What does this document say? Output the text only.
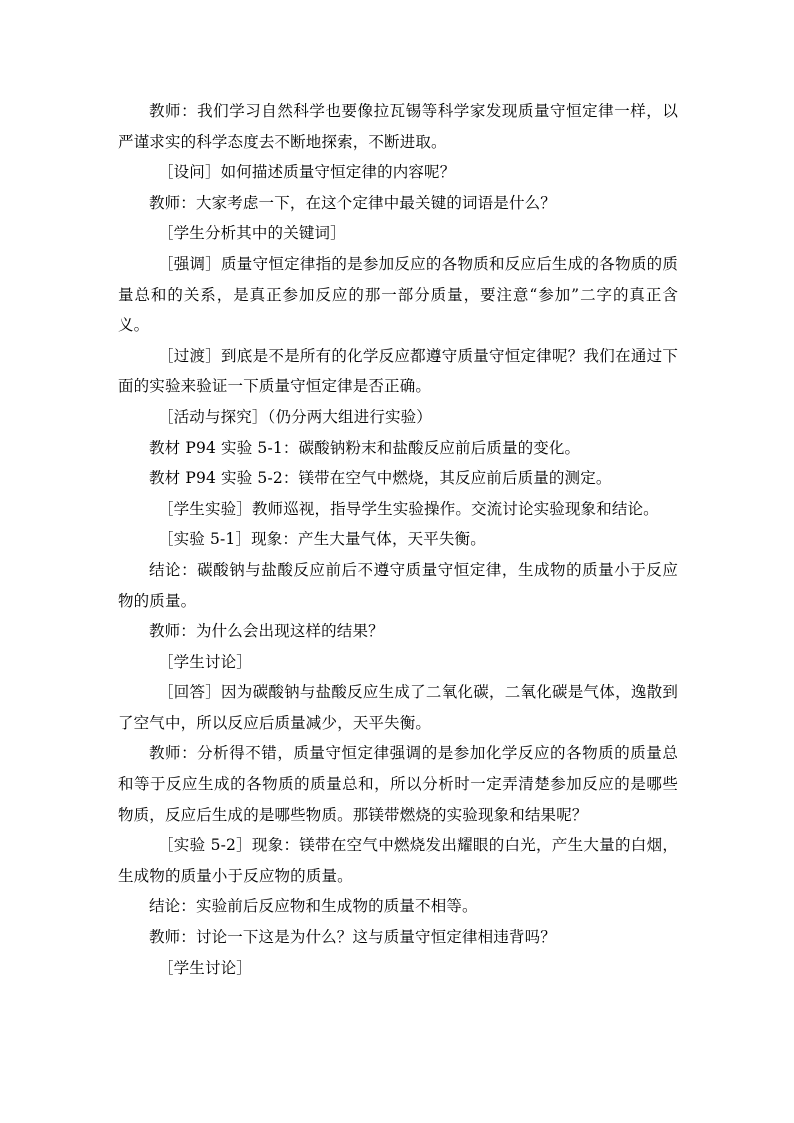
教师：我们学习自然科学也要像拉瓦锡等科学家发现质量守恒定律一样，以严谨求实的科学态度去不断地探索，不断进取。

［设问］如何描述质量守恒定律的内容呢？

教师：大家考虑一下，在这个定律中最关键的词语是什么？

［学生分析其中的关键词］

［强调］质量守恒定律指的是参加反应的各物质和反应后生成的各物质的质量总和的关系，是真正参加反应的那一部分质量，要注意“参加”二字的真正含义。

［过渡］到底是不是所有的化学反应都遵守质量守恒定律呢？我们在通过下面的实验来验证一下质量守恒定律是否正确。

［活动与探究］（仍分两大组进行实验）

教材 P94 实验 5-1：碳酸钠粉末和盐酸反应前后质量的变化。

教材 P94 实验 5-2：镁带在空气中燃烧，其反应前后质量的测定。

［学生实验］教师巡视，指导学生实验操作。交流讨论实验现象和结论。

［实验 5-1］现象：产生大量气体，天平失衡。

结论：碳酸钠与盐酸反应前后不遵守质量守恒定律，生成物的质量小于反应物的质量。

教师：为什么会出现这样的结果？

［学生讨论］

［回答］因为碳酸钠与盐酸反应生成了二氧化碳，二氧化碳是气体，逸散到了空气中，所以反应后质量减少，天平失衡。

教师：分析得不错，质量守恒定律强调的是参加化学反应的各物质的质量总和等于反应生成的各物质的质量总和，所以分析时一定弄清楚参加反应的是哪些物质，反应后生成的是哪些物质。那镁带燃烧的实验现象和结果呢？

［实验 5-2］现象：镁带在空气中燃烧发出耀眼的白光，产生大量的白烟，生成物的质量小于反应物的质量。

结论：实验前后反应物和生成物的质量不相等。

教师：讨论一下这是为什么？这与质量守恒定律相违背吗？

［学生讨论］
